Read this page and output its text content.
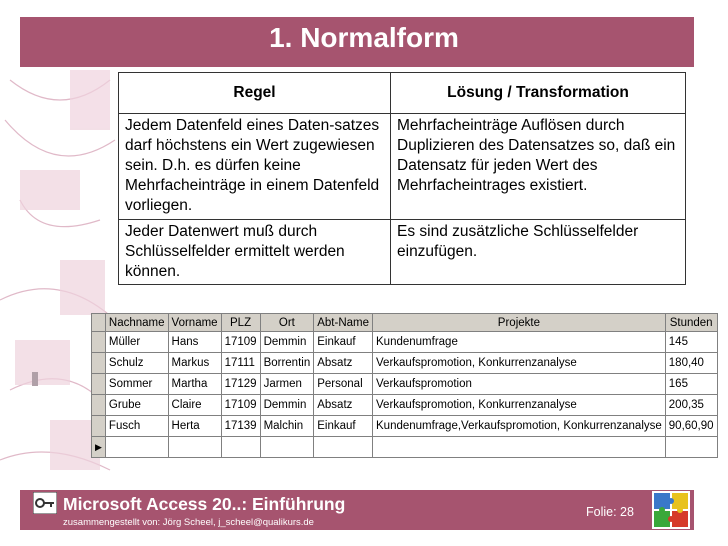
1. Normalform
Regel	Lösung / Transformation
Jedem Datenfeld eines Daten-satzes darf höchstens ein Wert zugewiesen sein. D.h. es dürfen keine Mehrfacheinträge in einem Datenfeld vorliegen.	Mehrfacheinträge Auflösen durch Duplizieren des Datensatzes so, daß ein Datensatz für jeden Wert des Mehrfacheintrages existiert.
Jeder Datenwert muß durch Schlüsselfelder ermittelt werden können.	Es sind zusätzliche Schlüsselfelder einzufügen.
	Nachname	Vorname	PLZ	Ort	Abt-Name	Projekte	Stunden
	Müller	Hans	17109	Demmin	Einkauf	Kundenumfrage	145
	Schulz	Markus	17111	Borrentin	Absatz	Verkaufspromotion, Konkurrenzanalyse	180,40
	Sommer	Martha	17129	Jarmen	Personal	Verkaufspromotion	165
	Grube	Claire	17109	Demmin	Absatz	Verkaufspromotion, Konkurrenzanalyse	200,35
	Fusch	Herta	17139	Malchin	Einkauf	Kundenumfrage,Verkaufspromotion, Konkurrenzanalyse	90,60,90
▶							
Microsoft Access 20..: Einführung
zusammengestellt von: Jörg Scheel, j_scheel@qualikurs.de
Folie: 28
